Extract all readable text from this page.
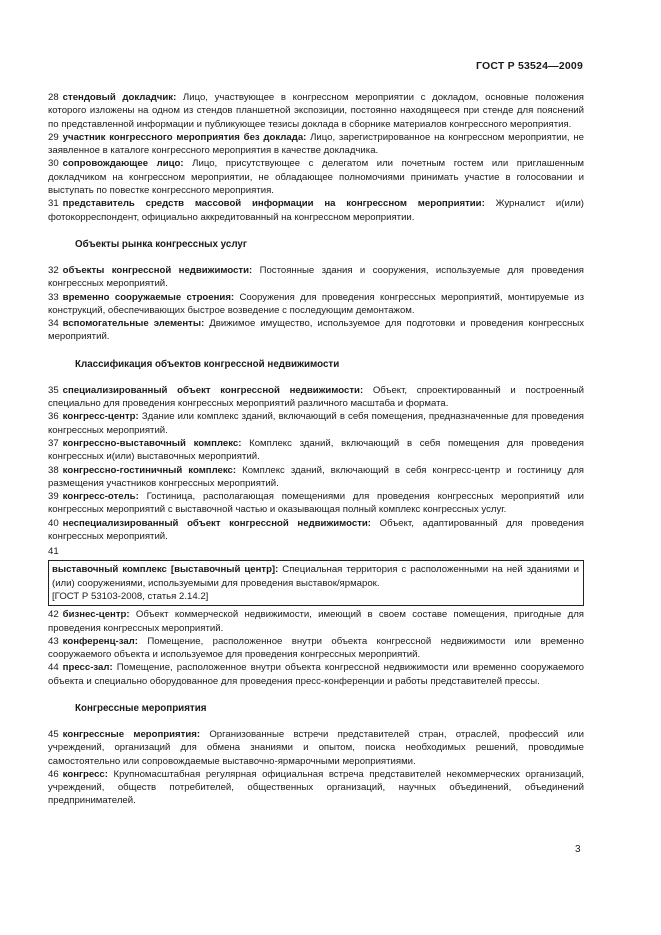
ГОСТ Р 53524—2009

28 стендовый докладчик: Лицо, участвующее в конгрессном мероприятии с докладом, основные положения которого изложены на одном из стендов планшетной экспозиции, постоянно находящееся при стенде для пояснений по представленной информации и публикующее тезисы доклада в сборнике материалов конгрессного мероприятия.

29 участник конгрессного мероприятия без доклада: Лицо, зарегистрированное на конгрессном мероприятии, не заявленное в каталоге конгрессного мероприятия в качестве докладчика.

30 сопровождающее лицо: Лицо, присутствующее с делегатом или почетным гостем или приглашенным докладчиком на конгрессном мероприятии, не обладающее полномочиями принимать участие в голосовании и выступать по повестке конгрессного мероприятия.

31 представитель средств массовой информации на конгрессном мероприятии: Журналист и(или) фотокорреспондент, официально аккредитованный на конгрессном мероприятии.

Объекты рынка конгрессных услуг

32 объекты конгрессной недвижимости: Постоянные здания и сооружения, используемые для проведения конгрессных мероприятий.

33 временно сооружаемые строения: Сооружения для проведения конгрессных мероприятий, монтируемые из конструкций, обеспечивающих быстрое возведение с последующим демонтажом.

34 вспомогательные элементы: Движимое имущество, используемое для подготовки и проведения конгрессных мероприятий.

Классификация объектов конгрессной недвижимости

35 специализированный объект конгрессной недвижимости: Объект, спроектированный и построенный специально для проведения конгрессных мероприятий различного масштаба и формата.

36 конгресс-центр: Здание или комплекс зданий, включающий в себя помещения, предназначенные для проведения конгрессных мероприятий.

37 конгрессно-выставочный комплекс: Комплекс зданий, включающий в себя помещения для проведения конгрессных и(или) выставочных мероприятий.

38 конгрессно-гостиничный комплекс: Комплекс зданий, включающий в себя конгресс-центр и гостиницу для размещения участников конгрессных мероприятий.

39 конгресс-отель: Гостиница, располагающая помещениями для проведения конгрессных мероприятий или конгрессных мероприятий с выставочной частью и оказывающая полный комплекс конгрессных услуг.

40 неспециализированный объект конгрессной недвижимости: Объект, адаптированный для проведения конгрессных мероприятий.

41
выставочный комплекс [выставочный центр]: Специальная территория с расположенными на ней зданиями и (или) сооружениями, используемыми для проведения выставок/ярмарок.
[ГОСТ Р 53103-2008, статья 2.14.2]

42 бизнес-центр: Объект коммерческой недвижимости, имеющий в своем составе помещения, пригодные для проведения конгрессных мероприятий.

43 конференц-зал: Помещение, расположенное внутри объекта конгрессной недвижимости или временно сооружаемого объекта и используемое для проведения конгрессных мероприятий.

44 пресс-зал: Помещение, расположенное внутри объекта конгрессной недвижимости или временно сооружаемого объекта и специально оборудованное для проведения пресс-конференции и работы представителей прессы.

Конгрессные мероприятия

45 конгрессные мероприятия: Организованные встречи представителей стран, отраслей, профессий или учреждений, организаций для обмена знаниями и опытом, поиска необходимых решений, проводимые самостоятельно или сопровождаемые выставочно-ярмарочными мероприятиями.

46 конгресс: Крупномасштабная регулярная официальная встреча представителей некоммерческих организаций, учреждений, обществ потребителей, общественных организаций, научных объединений, объединений предпринимателей.

3
